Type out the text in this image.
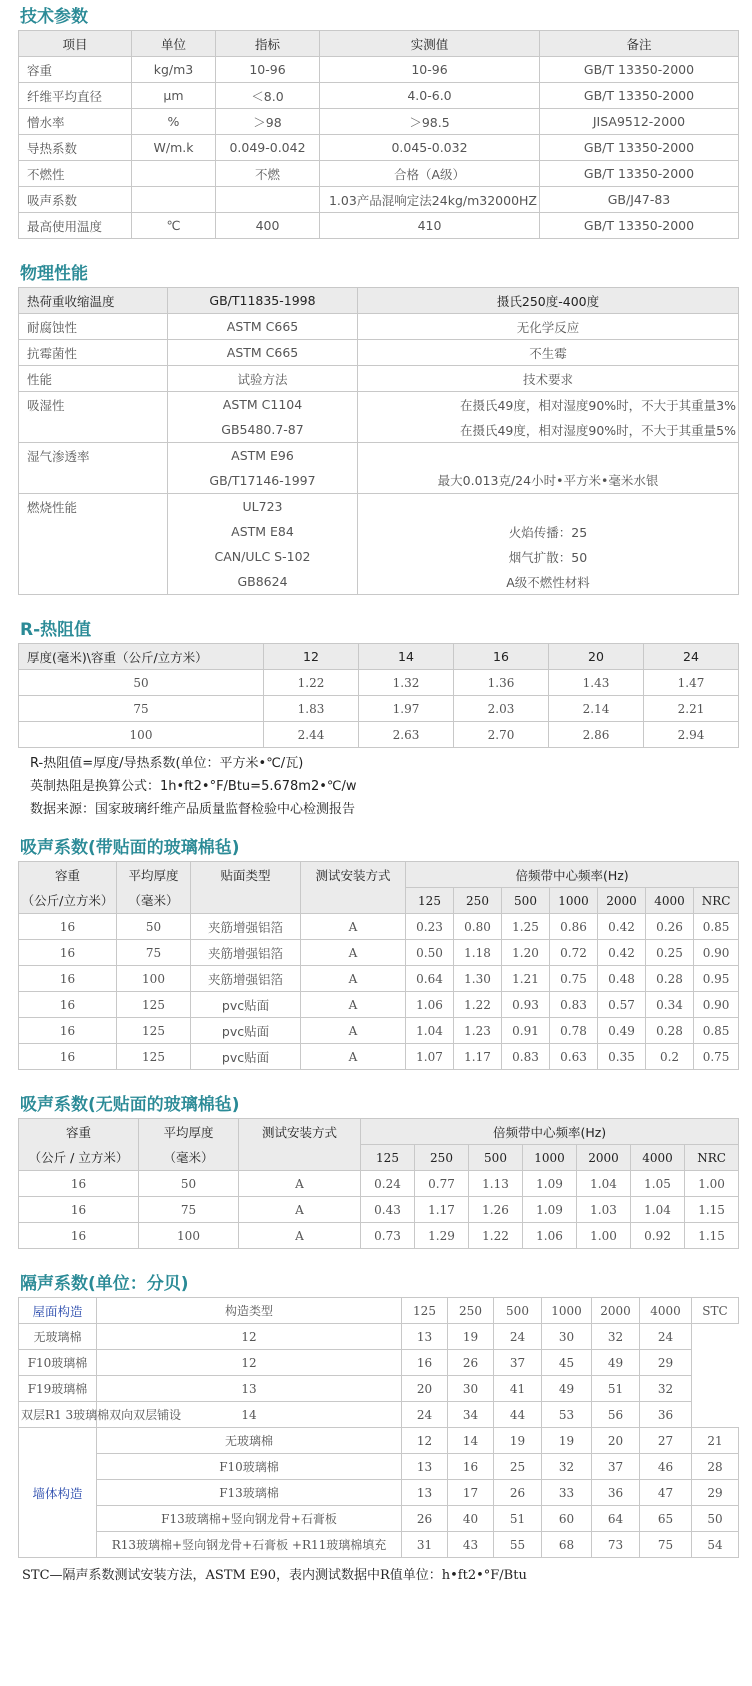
技术参数
项目	单位	指标	实测值	备注
容重	kg/m3	10-96	10-96	GB/T 13350-2000
纤维平均直径	μm	＜8.0	4.0-6.0	GB/T 13350-2000
憎水率	%	＞98	＞98.5	JISA9512-2000
导热系数	W/m.k	0.049-0.042	0.045-0.032	GB/T 13350-2000
不燃性		不燃	合格（A级）	GB/T 13350-2000
吸声系数			1.03产品混响定法24kg/m32000HZ	GB/J47-83
最高使用温度	℃	400	410	GB/T 13350-2000
物理性能
热荷重收缩温度	GB/T11835-1998	摄氏250度-400度
耐腐蚀性	ASTM C665	无化学反应
抗霉菌性	ASTM C665	不生霉
性能	试验方法	技术要求
吸湿性	ASTM C1104	在摄氏49度，相对湿度90%时，不大于其重量3%
	GB5480.7-87	在摄氏49度，相对湿度90%时，不大于其重量5%
湿气渗透率	ASTM E96	最大0.013克/24小时•平方米•毫米水银
	GB/T17146-1997	
燃烧性能	UL723	
	ASTM E84	火焰传播：25
	CAN/ULC S-102	烟气扩散：50
	GB8624	A级不燃性材料
R-热阻值
厚度(毫米)\容重（公斤/立方米）	12	14	16	20	24
50	1.22	1.32	1.36	1.43	1.47
75	1.83	1.97	2.03	2.14	2.21
100	2.44	2.63	2.70	2.86	2.94
R-热阻值=厚度/导热系数(单位：平方米•℃/瓦)
英制热阻是换算公式：1h•ft2•°F/Btu=5.678m2•℃/w
数据来源：国家玻璃纤维产品质量监督检验中心检测报告
吸声系数(带贴面的玻璃棉毡)
容重	平均厚度	贴面类型	测试安装方式	倍频带中心频率(Hz)						
（公斤/立方米）	（毫米）			125	250	500	1000	2000	4000	NRC
16	50	夹筋增强铝箔	A	0.23	0.80	1.25	0.86	0.42	0.26	0.85
16	75	夹筋增强铝箔	A	0.50	1.18	1.20	0.72	0.42	0.25	0.90
16	100	夹筋增强铝箔	A	0.64	1.30	1.21	0.75	0.48	0.28	0.95
16	125	pvc贴面	A	1.06	1.22	0.93	0.83	0.57	0.34	0.90
16	125	pvc贴面	A	1.04	1.23	0.91	0.78	0.49	0.28	0.85
16	125	pvc贴面	A	1.07	1.17	0.83	0.63	0.35	0.2	0.75
吸声系数(无贴面的玻璃棉毡)
容重	平均厚度	测试安装方式	倍频带中心频率(Hz)						
（公斤 / 立方米）	（毫米）		125	250	500	1000	2000	4000	NRC
16	50	A	0.24	0.77	1.13	1.09	1.04	1.05	1.00
16	75	A	0.43	1.17	1.26	1.09	1.03	1.04	1.15
16	100	A	0.73	1.29	1.22	1.06	1.00	0.92	1.15
隔声系数(单位：分贝)
屋面构造	构造类型	125	250	500	1000	2000	4000	STC
无玻璃棉	12	13	19	24	30	32	24	
F10玻璃棉	12	16	26	37	45	49	29	
F19玻璃棉	13	20	30	41	49	51	32	
双层R1 3玻璃棉双向双层铺设	14	24	34	44	53	56	36	
墙体构造	无玻璃棉	12	14	19	19	20	27	21
	F10玻璃棉	13	16	25	32	37	46	28
	F13玻璃棉	13	17	26	33	36	47	29
	F13玻璃棉+竖向钢龙骨+石膏板	26	40	51	60	64	65	50
	R13玻璃棉+竖向钢龙骨+石膏板 +R11玻璃棉填充	31	43	55	68	73	75	54
STC—隔声系数测试安装方法，ASTM E90，表内测试数据中R值单位：h•ft2•°F/Btu
